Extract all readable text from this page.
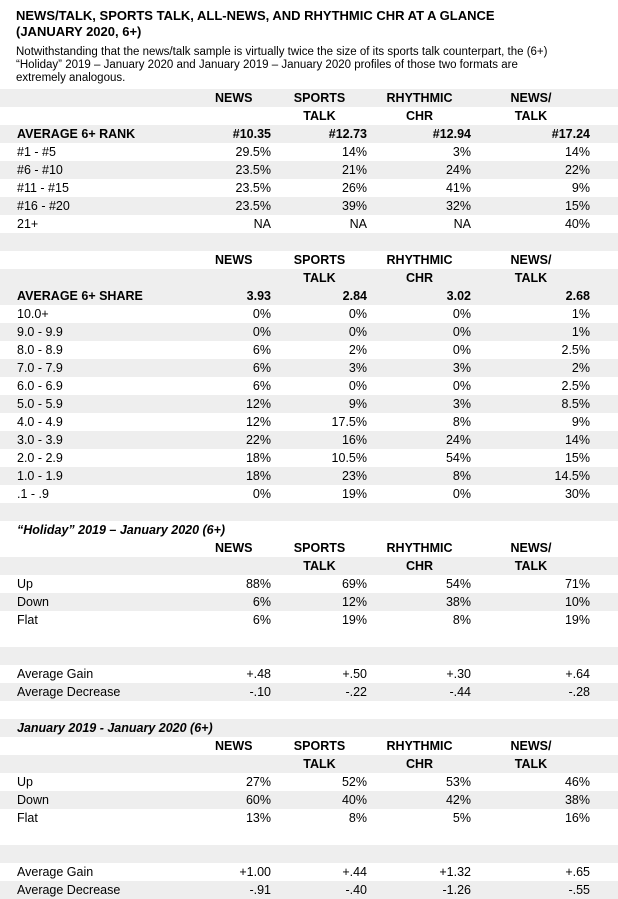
NEWS/TALK, SPORTS TALK, ALL-NEWS, AND RHYTHMIC CHR AT A GLANCE (JANUARY 2020, 6+)
Notwithstanding that the news/talk sample is virtually twice the size of its sports talk counterpart, the (6+) “Holiday” 2019 – January 2020 and January 2019 – January 2020 profiles of those two formats are extremely analogous.
	NEWS	SPORTS	RHYTHMIC	NEWS/
		TALK	CHR	TALK
AVERAGE 6+ RANK	#10.35	#12.73	#12.94	#17.24
#1 - #5	29.5%	14%	3%	14%
#6 - #10	23.5%	21%	24%	22%
#11 - #15	23.5%	26%	41%	9%
#16 - #20	23.5%	39%	32%	15%
21+	NA	NA	NA	40%

	NEWS	SPORTS	RHYTHMIC	NEWS/
		TALK	CHR	TALK
AVERAGE 6+ SHARE	3.93	2.84	3.02	2.68
10.0+	0%	0%	0%	1%
9.0 - 9.9	0%	0%	0%	1%
8.0 - 8.9	6%	2%	0%	2.5%
7.0 - 7.9	6%	3%	3%	2%
6.0 - 6.9	6%	0%	0%	2.5%
5.0 - 5.9	12%	9%	3%	8.5%
4.0 - 4.9	12%	17.5%	8%	9%
3.0 - 3.9	22%	16%	24%	14%
2.0 - 2.9	18%	10.5%	54%	15%
1.0 - 1.9	18%	23%	8%	14.5%
.1 - .9	0%	19%	0%	30%

“Holiday” 2019 – January 2020 (6+)				
	NEWS	SPORTS	RHYTHMIC	NEWS/
		TALK	CHR	TALK
Up	88%	69%	54%	71%
Down	6%	12%	38%	10%
Flat	6%	19%	8%	19%

Average Gain	+.48	+.50	+.30	+.64
Average Decrease	-.10	-.22	-.44	-.28

January 2019 - January 2020 (6+)				
	NEWS	SPORTS	RHYTHMIC	NEWS/
		TALK	CHR	TALK
Up	27%	52%	53%	46%
Down	60%	40%	42%	38%
Flat	13%	8%	5%	16%

Average Gain	+1.00	+.44	+1.32	+.65
Average Decrease	-.91	-.40	-1.26	-.55
